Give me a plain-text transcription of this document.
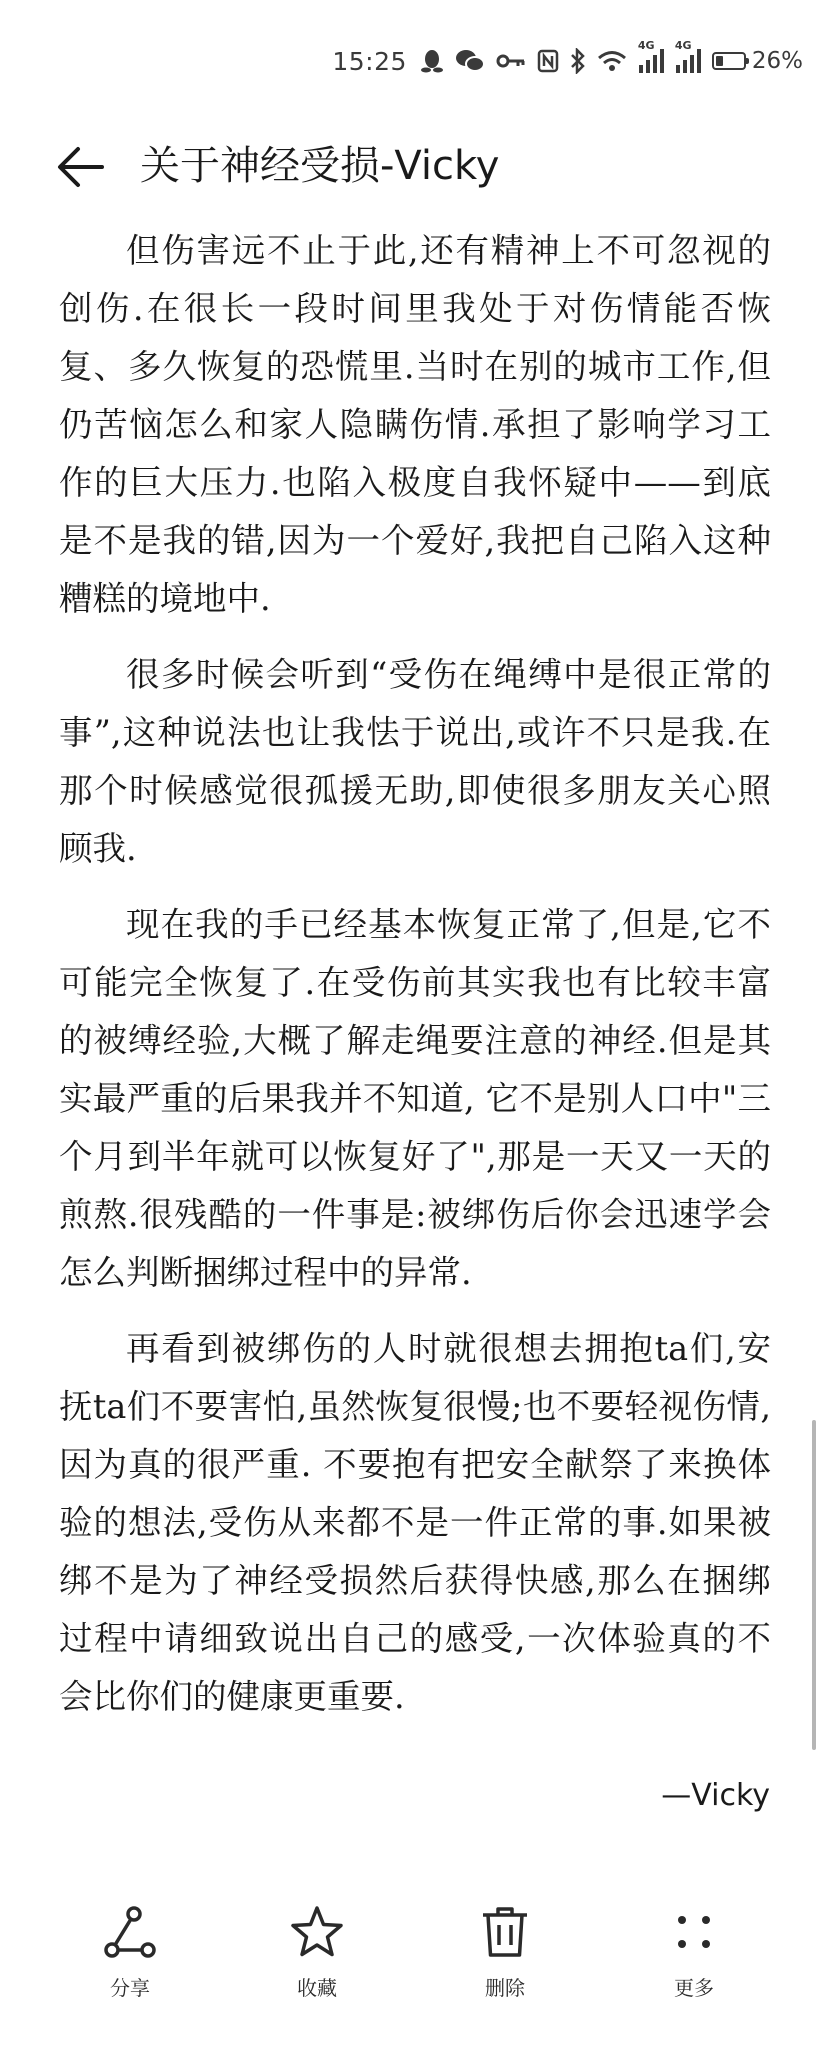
15:25
4G 4G
26%
关于神经受损-Vicky

但伤害远不止于此,还有精神上不可忽视的创伤.在很长一段时间里我处于对伤情能否恢复、多久恢复的恐慌里.当时在别的城市工作,但仍苦恼怎么和家人隐瞒伤情.承担了影响学习工作的巨大压力.也陷入极度自我怀疑中——到底是不是我的错,因为一个爱好,我把自己陷入这种糟糕的境地中.

很多时候会听到“受伤在绳缚中是很正常的事”,这种说法也让我怯于说出,或许不只是我.在那个时候感觉很孤援无助,即使很多朋友关心照顾我.

现在我的手已经基本恢复正常了,但是,它不可能完全恢复了.在受伤前其实我也有比较丰富的被缚经验,大概了解走绳要注意的神经.但是其实最严重的后果我并不知道, 它不是别人口中"三个月到半年就可以恢复好了",那是一天又一天的煎熬.很残酷的一件事是:被绑伤后你会迅速学会怎么判断捆绑过程中的异常.

再看到被绑伤的人时就很想去拥抱ta们,安抚ta们不要害怕,虽然恢复很慢;也不要轻视伤情,因为真的很严重. 不要抱有把安全献祭了来换体验的想法,受伤从来都不是一件正常的事.如果被绑不是为了神经受损然后获得快感,那么在捆绑过程中请细致说出自己的感受,一次体验真的不会比你们的健康更重要.

—Vicky
分享	收藏	删除	更多
